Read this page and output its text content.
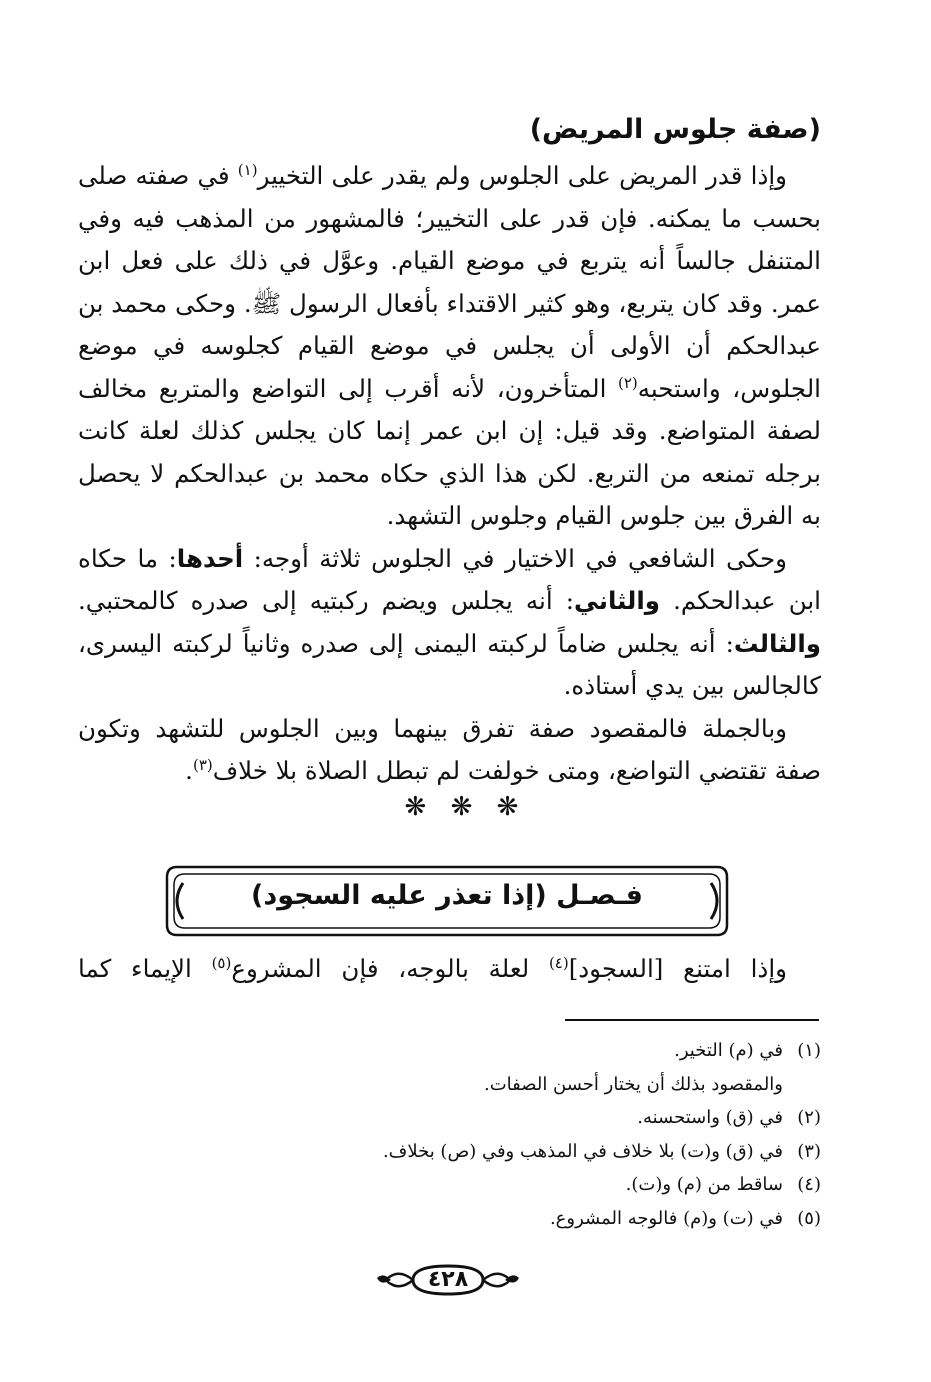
(صفة جلوس المريض)

وإذا قدر المريض على الجلوس ولم يقدر على التخيير$^{(١)}$ في صفته صلى بحسب ما يمكنه. فإن قدر على التخيير؛ فالمشهور من المذهب فيه وفي المتنفل جالساً أنه يتربع في موضع القيام. وعوَّل في ذلك على فعل ابن عمر. وقد كان يتربع، وهو كثير الاقتداء بأفعال الرسول ﷺ. وحكى محمد بن عبدالحكم أن الأولى أن يجلس في موضع القيام كجلوسه في موضع الجلوس، واستحبه$^{(٢)}$ المتأخرون، لأنه أقرب إلى التواضع والمتربع مخالف لصفة المتواضع. وقد قيل: إن ابن عمر إنما كان يجلس كذلك لعلة كانت برجله تمنعه من التربع. لكن هذا الذي حكاه محمد بن عبدالحكم لا يحصل به الفرق بين جلوس القيام وجلوس التشهد.

وحكى الشافعي في الاختيار في الجلوس ثلاثة أوجه: أحدها: ما حكاه ابن عبدالحكم. والثاني: أنه يجلس ويضم ركبتيه إلى صدره كالمحتبي. والثالث: أنه يجلس ضاماً لركبته اليمنى إلى صدره وثانياً لركبته اليسرى، كالجالس بين يدي أستاذه.

وبالجملة فالمقصود صفة تفرق بينهما وبين الجلوس للتشهد وتكون صفة تقتضي التواضع، ومتى خولفت لم تبطل الصلاة بلا خلاف$^{(٣)}$.

❋ ❋ ❋
فـصـل (إذا تعذر عليه السجود)

وإذا امتنع [السجود]$^{(٤)}$ لعلة بالوجه، فإن المشروع$^{(٥)}$ الإيماء كما

(١)
في (م) التخير.
والمقصود بذلك أن يختار أحسن الصفات.
(٢)
في (ق) واستحسنه.
(٣)
في (ق) و(ت) بلا خلاف في المذهب وفي (ص) بخلاف.
(٤)
ساقط من (م) و(ت).
(٥)
في (ت) و(م) فالوجه المشروع.
٤٢٨
